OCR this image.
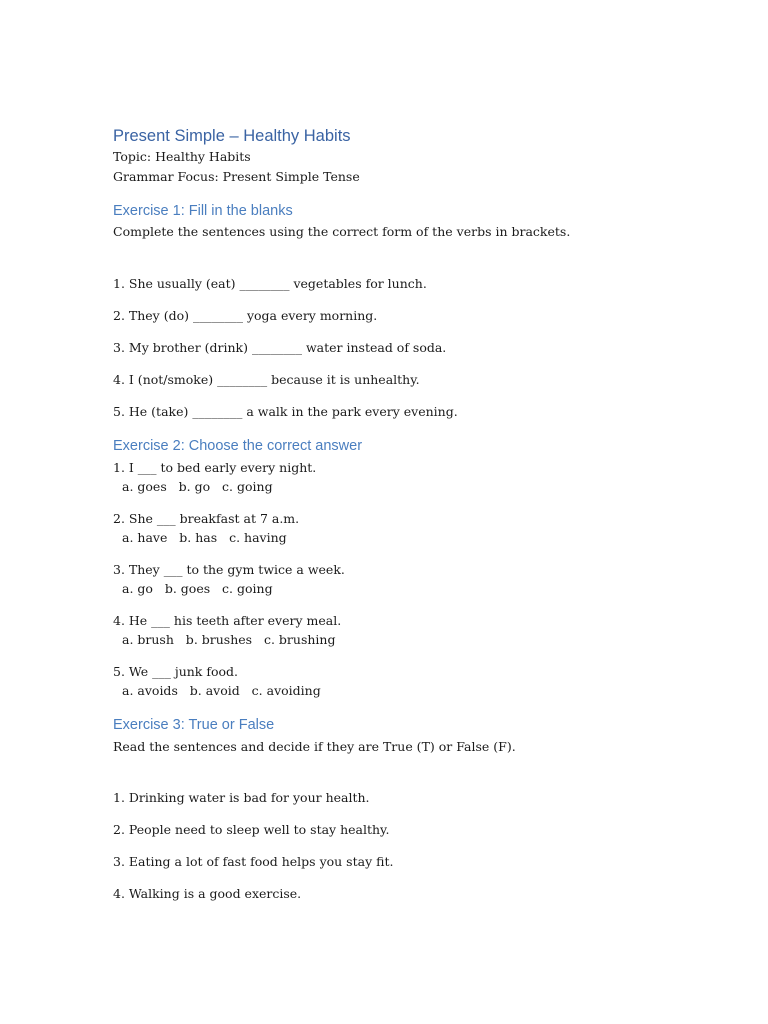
Present Simple – Healthy Habits
Topic: Healthy Habits
Grammar Focus: Present Simple Tense
Exercise 1: Fill in the blanks
Complete the sentences using the correct form of the verbs in brackets.
1. She usually (eat) ________ vegetables for lunch.
2. They (do) ________ yoga every morning.
3. My brother (drink) ________ water instead of soda.
4. I (not/smoke) ________ because it is unhealthy.
5. He (take) ________ a walk in the park every evening.
Exercise 2: Choose the correct answer
1. I ___ to bed early every night.
a. goes   b. go   c. going
2. She ___ breakfast at 7 a.m.
a. have   b. has   c. having
3. They ___ to the gym twice a week.
a. go   b. goes   c. going
4. He ___ his teeth after every meal.
a. brush   b. brushes   c. brushing
5. We ___ junk food.
a. avoids   b. avoid   c. avoiding
Exercise 3: True or False
Read the sentences and decide if they are True (T) or False (F).
1. Drinking water is bad for your health.
2. People need to sleep well to stay healthy.
3. Eating a lot of fast food helps you stay fit.
4. Walking is a good exercise.
